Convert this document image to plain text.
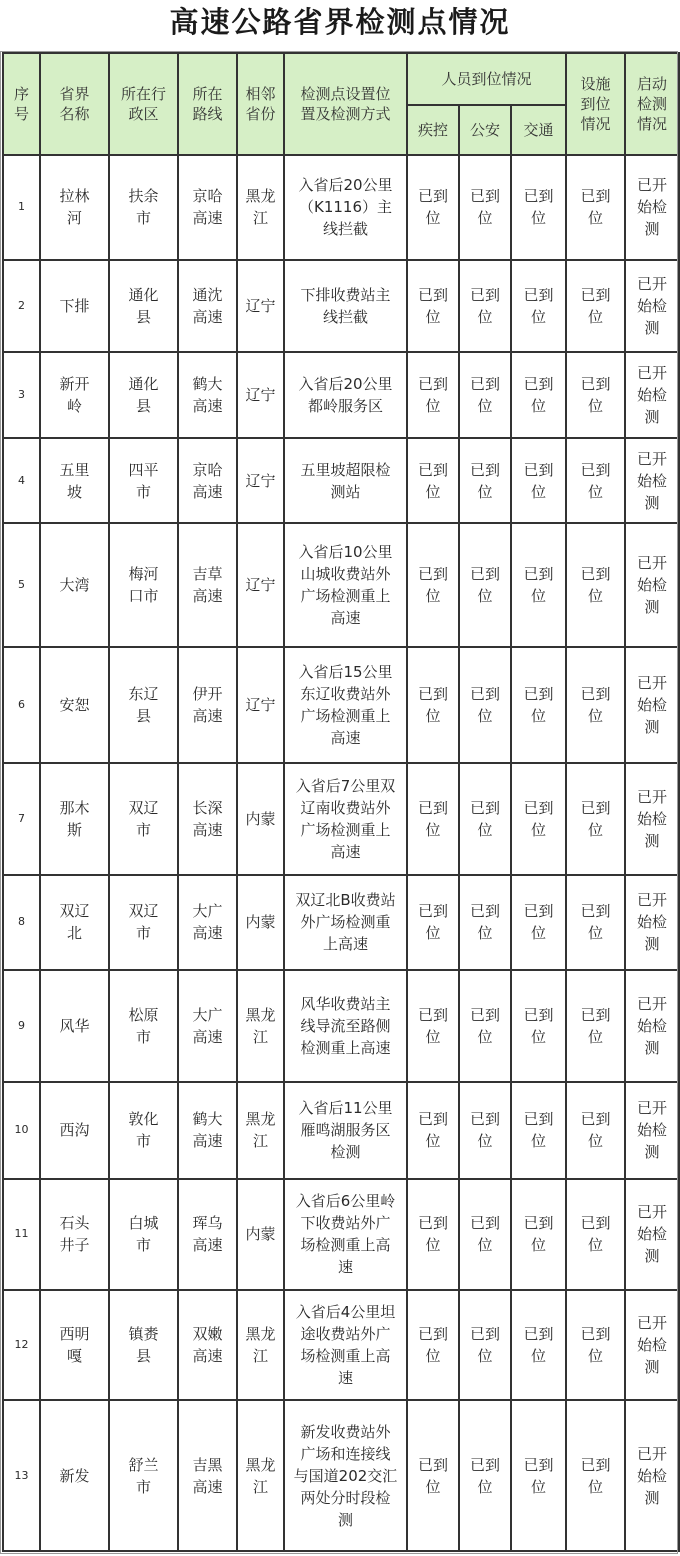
高速公路省界检测点情况
序号	省界名称	所在行政区	所在路线	相邻省份	检测点设置位置及检测方式	人员到位情况			设施到位情况	启动检测情况
						疾控	公安	交通		
1	拉林河	扶余市	京哈高速	黑龙江	入省后20公里（K1116）主线拦截	已到位	已到位	已到位	已到位	已开始检测
2	下排	通化县	通沈高速	辽宁	下排收费站主线拦截	已到位	已到位	已到位	已到位	已开始检测
3	新开岭	通化县	鹤大高速	辽宁	入省后20公里都岭服务区	已到位	已到位	已到位	已到位	已开始检测
4	五里坡	四平市	京哈高速	辽宁	五里坡超限检测站	已到位	已到位	已到位	已到位	已开始检测
5	大湾	梅河口市	吉草高速	辽宁	入省后10公里山城收费站外广场检测重上高速	已到位	已到位	已到位	已到位	已开始检测
6	安恕	东辽县	伊开高速	辽宁	入省后15公里东辽收费站外广场检测重上高速	已到位	已到位	已到位	已到位	已开始检测
7	那木斯	双辽市	长深高速	内蒙	入省后7公里双辽南收费站外广场检测重上高速	已到位	已到位	已到位	已到位	已开始检测
8	双辽北	双辽市	大广高速	内蒙	双辽北B收费站外广场检测重上高速	已到位	已到位	已到位	已到位	已开始检测
9	风华	松原市	大广高速	黑龙江	风华收费站主线导流至路侧检测重上高速	已到位	已到位	已到位	已到位	已开始检测
10	西沟	敦化市	鹤大高速	黑龙江	入省后11公里雁鸣湖服务区检测	已到位	已到位	已到位	已到位	已开始检测
11	石头井子	白城市	珲乌高速	内蒙	入省后6公里岭下收费站外广场检测重上高速	已到位	已到位	已到位	已到位	已开始检测
12	西明嘎	镇赉县	双嫩高速	黑龙江	入省后4公里坦途收费站外广场检测重上高速	已到位	已到位	已到位	已到位	已开始检测
13	新发	舒兰市	吉黑高速	黑龙江	新发收费站外广场和连接线与国道202交汇两处分时段检测	已到位	已到位	已到位	已到位	已开始检测
